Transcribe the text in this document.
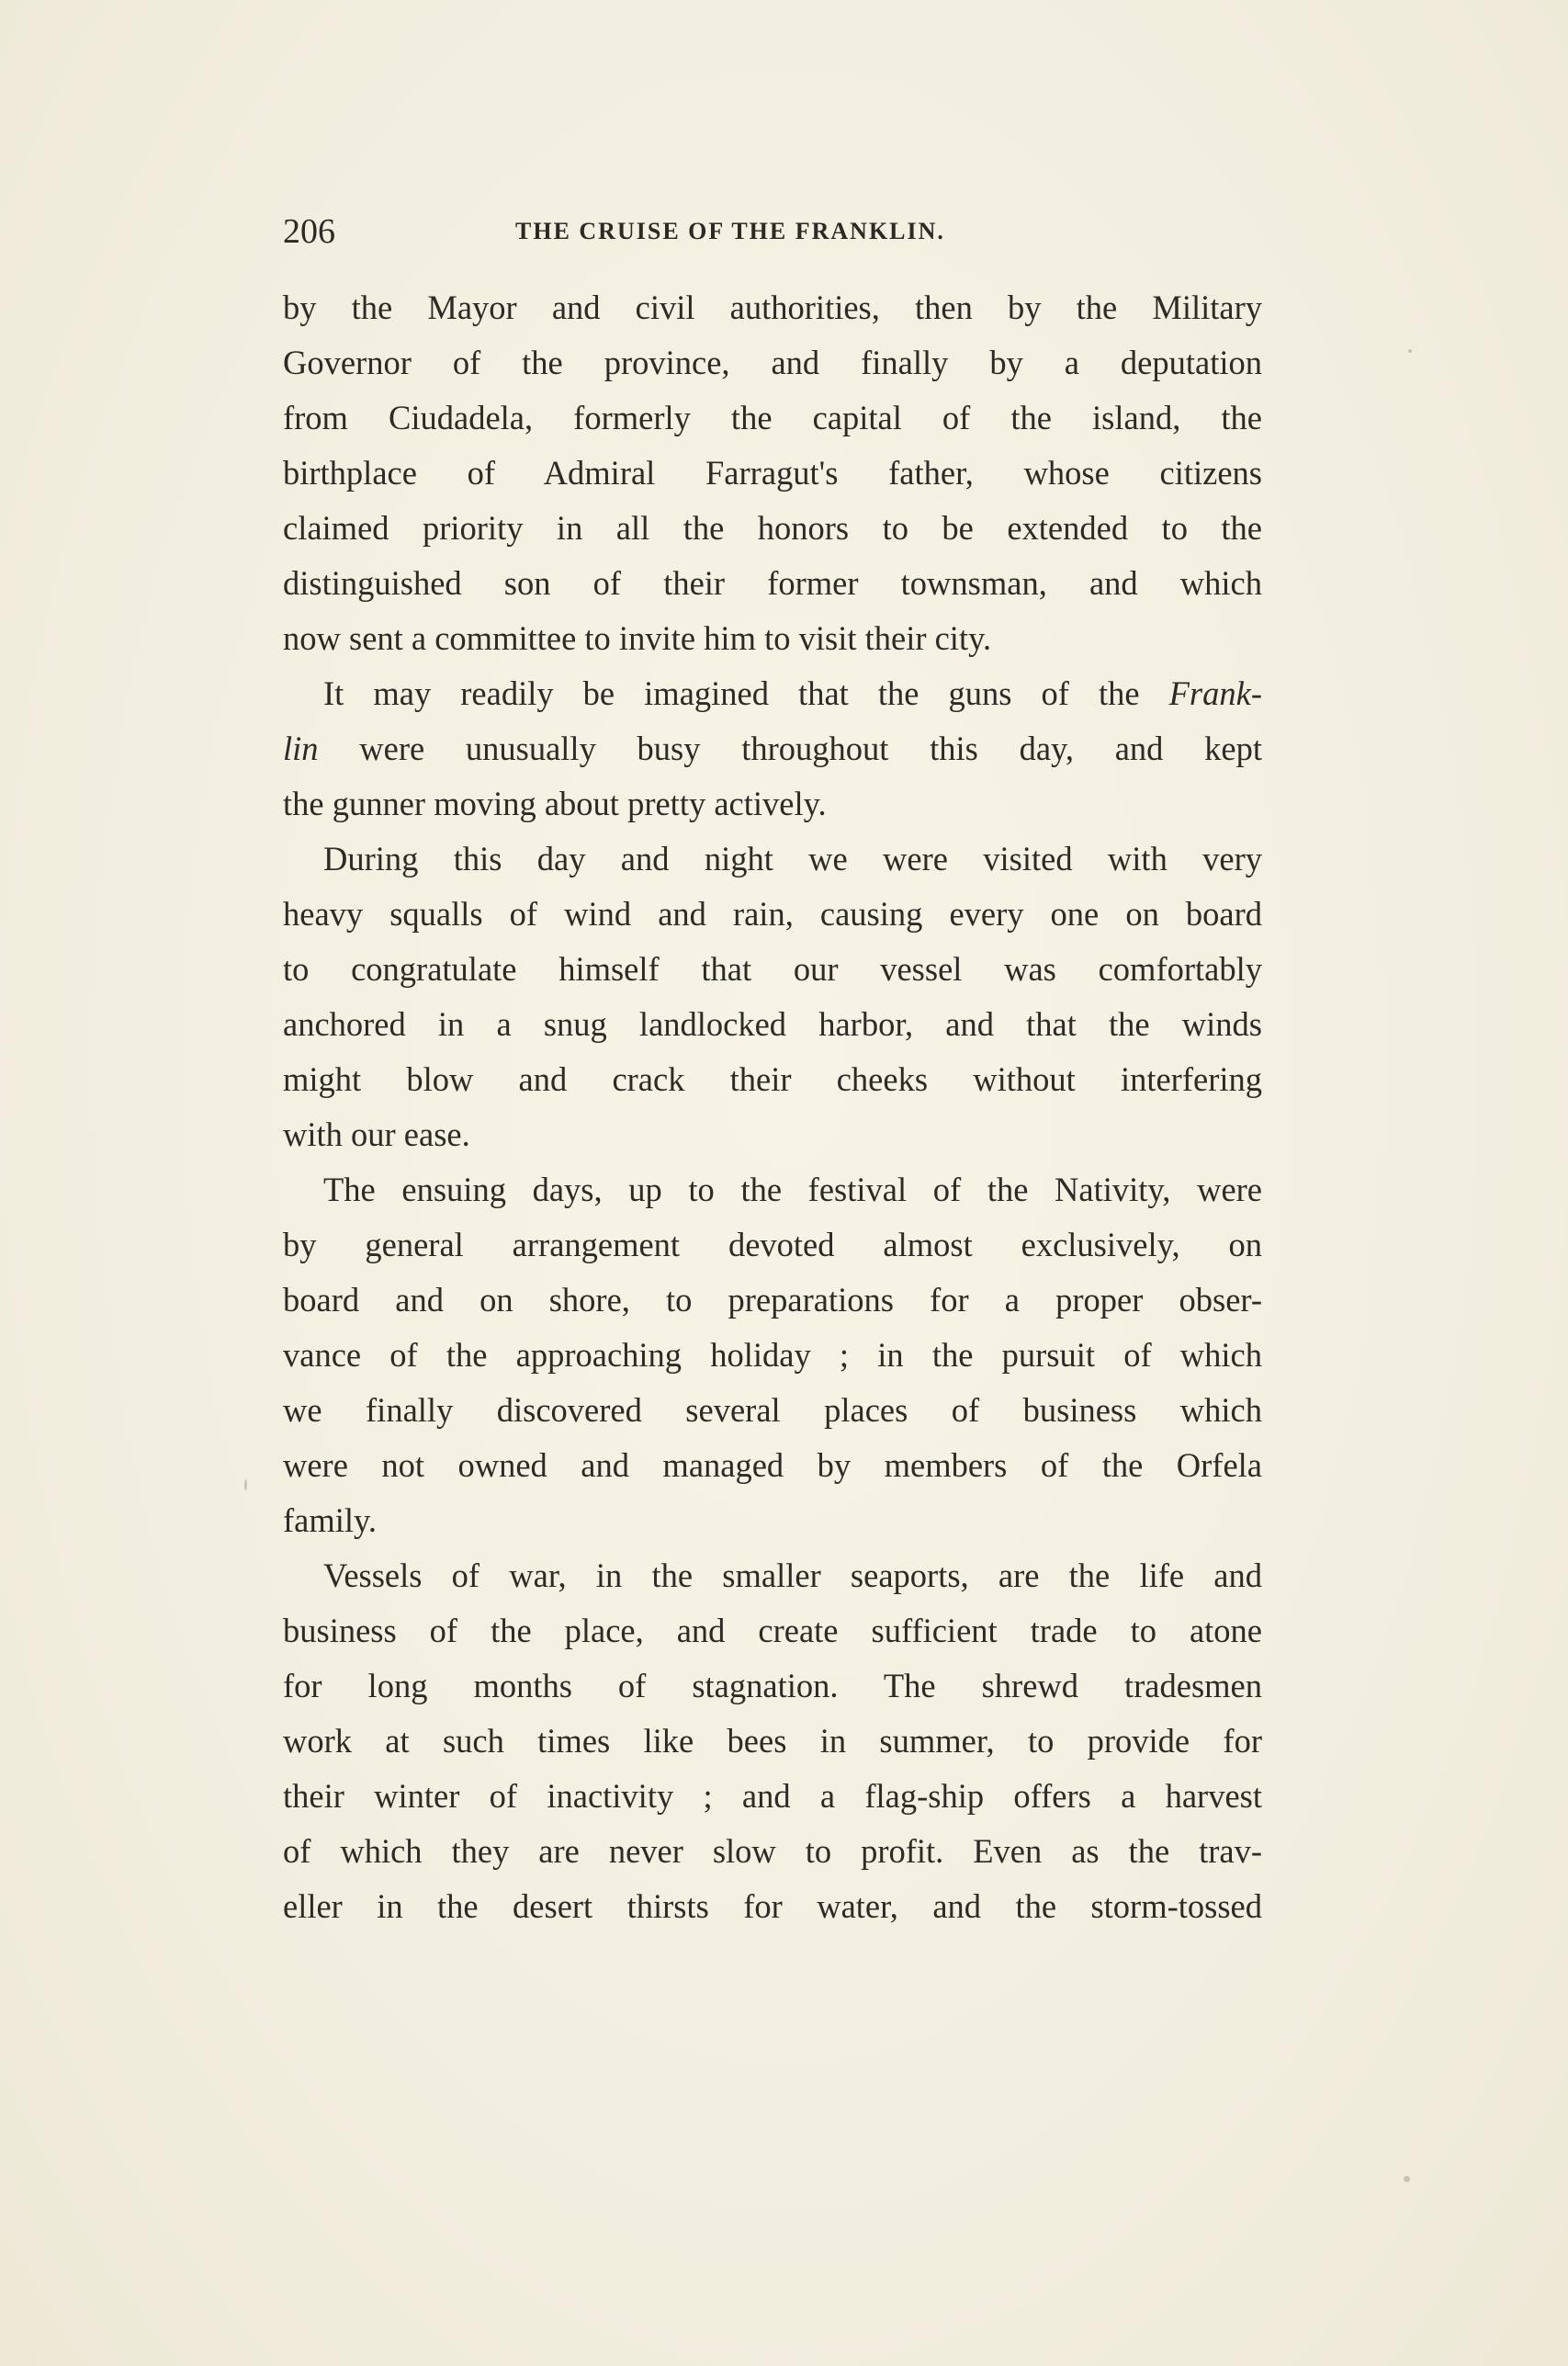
206	THE CRUISE OF THE FRANKLIN.
by the Mayor and civil authorities, then by the Military
Governor of the province, and finally by a deputation
from Ciudadela, formerly the capital of the island, the
birthplace of Admiral Farragut's father, whose citizens
claimed priority in all the honors to be extended to the
distinguished son of their former townsman, and which
now sent a committee to invite him to visit their city.
It may readily be imagined that the guns of the Frank-
lin were unusually busy throughout this day, and kept
the gunner moving about pretty actively.
During this day and night we were visited with very
heavy squalls of wind and rain, causing every one on board
to congratulate himself that our vessel was comfortably
anchored in a snug landlocked harbor, and that the winds
might blow and crack their cheeks without interfering
with our ease.
The ensuing days, up to the festival of the Nativity, were
by general arrangement devoted almost exclusively, on
board and on shore, to preparations for a proper obser-
vance of the approaching holiday ; in the pursuit of which
we finally discovered several places of business which
were not owned and managed by members of the Orfela
family.
Vessels of war, in the smaller seaports, are the life and
business of the place, and create sufficient trade to atone
for long months of stagnation. The shrewd tradesmen
work at such times like bees in summer, to provide for
their winter of inactivity ; and a flag-ship offers a harvest
of which they are never slow to profit. Even as the trav-
eller in the desert thirsts for water, and the storm-tossed
